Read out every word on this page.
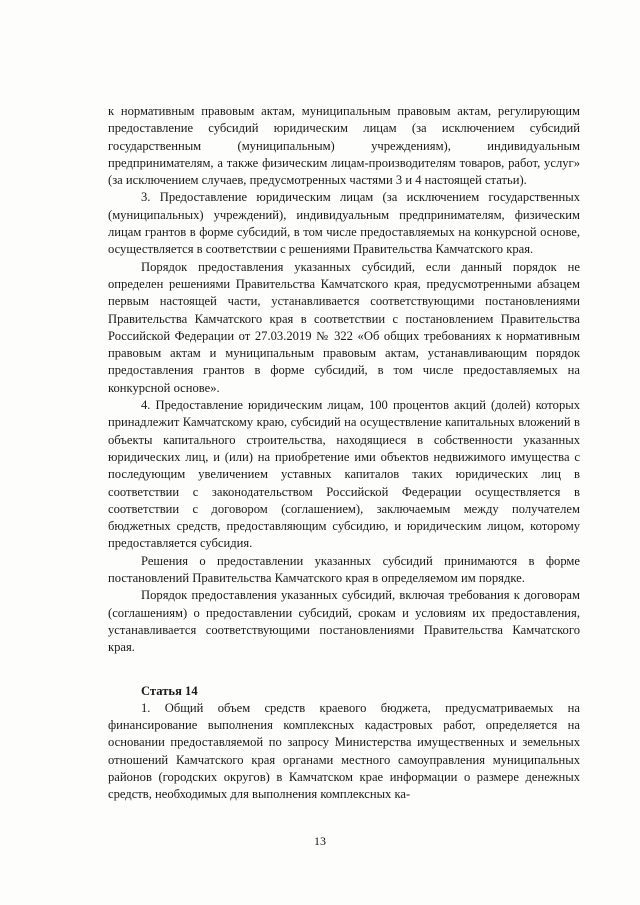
к нормативным правовым актам, муниципальным правовым актам, регулирующим предоставление субсидий юридическим лицам (за исключением субсидий государственным (муниципальным) учреждениям), индивидуальным предпринимателям, а также физическим лицам-производителям товаров, работ, услуг» (за исключением случаев, предусмотренных частями 3 и 4 настоящей статьи).

3. Предоставление юридическим лицам (за исключением государственных (муниципальных) учреждений), индивидуальным предпринимателям, физическим лицам грантов в форме субсидий, в том числе предоставляемых на конкурсной основе, осуществляется в соответствии с решениями Правительства Камчатского края.

Порядок предоставления указанных субсидий, если данный порядок не определен решениями Правительства Камчатского края, предусмотренными абзацем первым настоящей части, устанавливается соответствующими постановлениями Правительства Камчатского края в соответствии с постановлением Правительства Российской Федерации от 27.03.2019 № 322 «Об общих требованиях к нормативным правовым актам и муниципальным правовым актам, устанавливающим порядок предоставления грантов в форме субсидий, в том числе предоставляемых на конкурсной основе».

4. Предоставление юридическим лицам, 100 процентов акций (долей) которых принадлежит Камчатскому краю, субсидий на осуществление капитальных вложений в объекты капитального строительства, находящиеся в собственности указанных юридических лиц, и (или) на приобретение ими объектов недвижимого имущества с последующим увеличением уставных капиталов таких юридических лиц в соответствии с законодательством Российской Федерации осуществляется в соответствии с договором (соглашением), заключаемым между получателем бюджетных средств, предоставляющим субсидию, и юридическим лицом, которому предоставляется субсидия.

Решения о предоставлении указанных субсидий принимаются в форме постановлений Правительства Камчатского края в определяемом им порядке.

Порядок предоставления указанных субсидий, включая требования к договорам (соглашениям) о предоставлении субсидий, срокам и условиям их предоставления, устанавливается соответствующими постановлениями Правительства Камчатского края.

Статья 14

1. Общий объем средств краевого бюджета, предусматриваемых на финансирование выполнения комплексных кадастровых работ, определяется на основании предоставляемой по запросу Министерства имущественных и земельных отношений Камчатского края органами местного самоуправления муниципальных районов (городских округов) в Камчатском крае информации о размере денежных средств, необходимых для выполнения комплексных ка-

13
